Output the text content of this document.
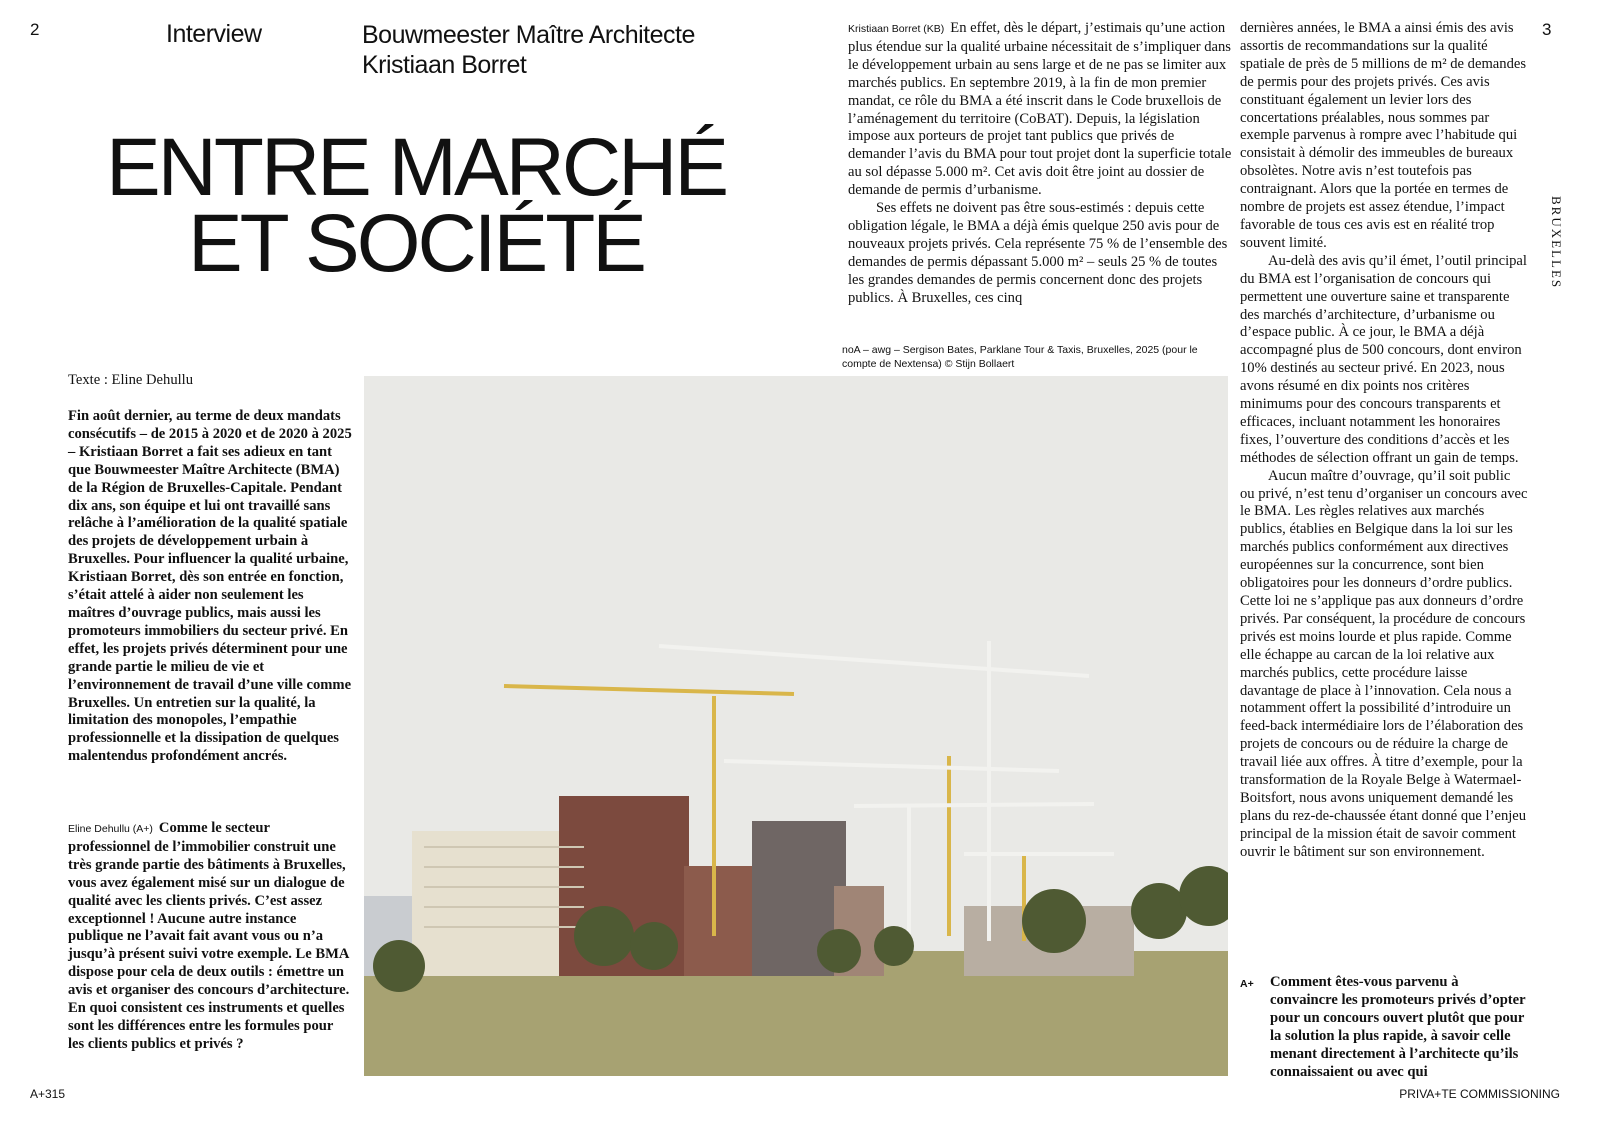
2	3
Interview	Bouwmeester Maître Architecte
Kristiaan Borret
ENTRE MARCHÉ
ET SOCIÉTÉ
Texte : Eline Dehullu

Fin août dernier, au terme de deux mandats consécutifs – de 2015 à 2020 et de 2020 à 2025 – Kristiaan Borret a fait ses adieux en tant que Bouwmeester Maître Architecte (BMA) de la Région de Bruxelles-Capitale. Pendant dix ans, son équipe et lui ont travaillé sans relâche à l’amélioration de la qualité spatiale des projets de développement urbain à Bruxelles. Pour influencer la qualité urbaine, Kristiaan Borret, dès son entrée en fonction, s’était attelé à aider non seulement les maîtres d’ouvrage publics, mais aussi les promoteurs immobiliers du secteur privé. En effet, les projets privés déterminent pour une grande partie le milieu de vie et l’environnement de travail d’une ville comme Bruxelles. Un entretien sur la qualité, la limitation des monopoles, l’empathie professionnelle et la dissipation de quelques malentendus profondément ancrés.

Eline Dehullu (A+) Comme le secteur professionnel de l’immobilier construit une très grande partie des bâtiments à Bruxelles, vous avez également misé sur un dialogue de qualité avec les clients privés. C’est assez exceptionnel ! Aucune autre instance publique ne l’avait fait avant vous ou n’a jusqu’à présent suivi votre exemple. Le BMA dispose pour cela de deux outils : émettre un avis et organiser des concours d’architecture. En quoi consistent ces instruments et quelles sont les différences entre les formules pour les clients publics et privés ?

Kristiaan Borret (KB) En effet, dès le départ, j’estimais qu’une action plus étendue sur la qualité urbaine nécessitait de s’impliquer dans le développement urbain au sens large et de ne pas se limiter aux marchés publics. En septembre 2019, à la fin de mon premier mandat, ce rôle du BMA a été inscrit dans le Code bruxellois de l’aménagement du territoire (CoBAT). Depuis, la législation impose aux porteurs de projet tant publics que privés de demander l’avis du BMA pour tout projet dont la superficie totale au sol dépasse 5.000 m². Cet avis doit être joint au dossier de demande de permis d’urbanisme.

Ses effets ne doivent pas être sous-estimés : depuis cette obligation légale, le BMA a déjà émis quelque 250 avis pour de nouveaux projets privés. Cela représente 75 % de l’ensemble des demandes de permis dépassant 5.000 m² – seuls 25 % de toutes les grandes demandes de permis concernent donc des projets publics. À Bruxelles, ces cinq

noA – awg – Sergison Bates, Parklane Tour & Taxis, Bruxelles, 2025 (pour le compte de Nextensa) © Stijn Bollaert

dernières années, le BMA a ainsi émis des avis assortis de recommandations sur la qualité spatiale de près de 5 millions de m² de demandes de permis pour des projets privés. Ces avis constituant également un levier lors des concertations préalables, nous sommes par exemple parvenus à rompre avec l’habitude qui consistait à démolir des immeubles de bureaux obsolètes. Notre avis n’est toutefois pas contraignant. Alors que la portée en termes de nombre de projets est assez étendue, l’impact favorable de tous ces avis est en réalité trop souvent limité.

Au-delà des avis qu’il émet, l’outil principal du BMA est l’organisation de concours qui permettent une ouverture saine et transparente des marchés d’architecture, d’urbanisme ou d’espace public. À ce jour, le BMA a déjà accompagné plus de 500 concours, dont environ 10% destinés au secteur privé. En 2023, nous avons résumé en dix points nos critères minimums pour des concours transparents et efficaces, incluant notamment les honoraires fixes, l’ouverture des conditions d’accès et les méthodes de sélection offrant un gain de temps.

Aucun maître d’ouvrage, qu’il soit public ou privé, n’est tenu d’organiser un concours avec le BMA. Les règles relatives aux marchés publics, établies en Belgique dans la loi sur les marchés publics conformément aux directives européennes sur la concurrence, sont bien obligatoires pour les donneurs d’ordre publics. Cette loi ne s’applique pas aux donneurs d’ordre privés. Par conséquent, la procédure de concours privés est moins lourde et plus rapide. Comme elle échappe au carcan de la loi relative aux marchés publics, cette procédure laisse davantage de place à l’innovation. Cela nous a notamment offert la possibilité d’introduire un feed-back intermédiaire lors de l’élaboration des projets de concours ou de réduire la charge de travail liée aux offres. À titre d’exemple, pour la transformation de la Royale Belge à Watermael-Boitsfort, nous avons uniquement demandé les plans du rez-de-chaussée étant donné que l’enjeu principal de la mission était de savoir comment ouvrir le bâtiment sur son environnement.

A+ Comment êtes-vous parvenu à convaincre les promoteurs privés d’opter pour un concours ouvert plutôt que pour la solution la plus rapide, à savoir celle menant directement à l’architecte qu’ils connaissaient ou avec qui

BRUXELLES
A+315	PRIVA+TE COMMISSIONING
